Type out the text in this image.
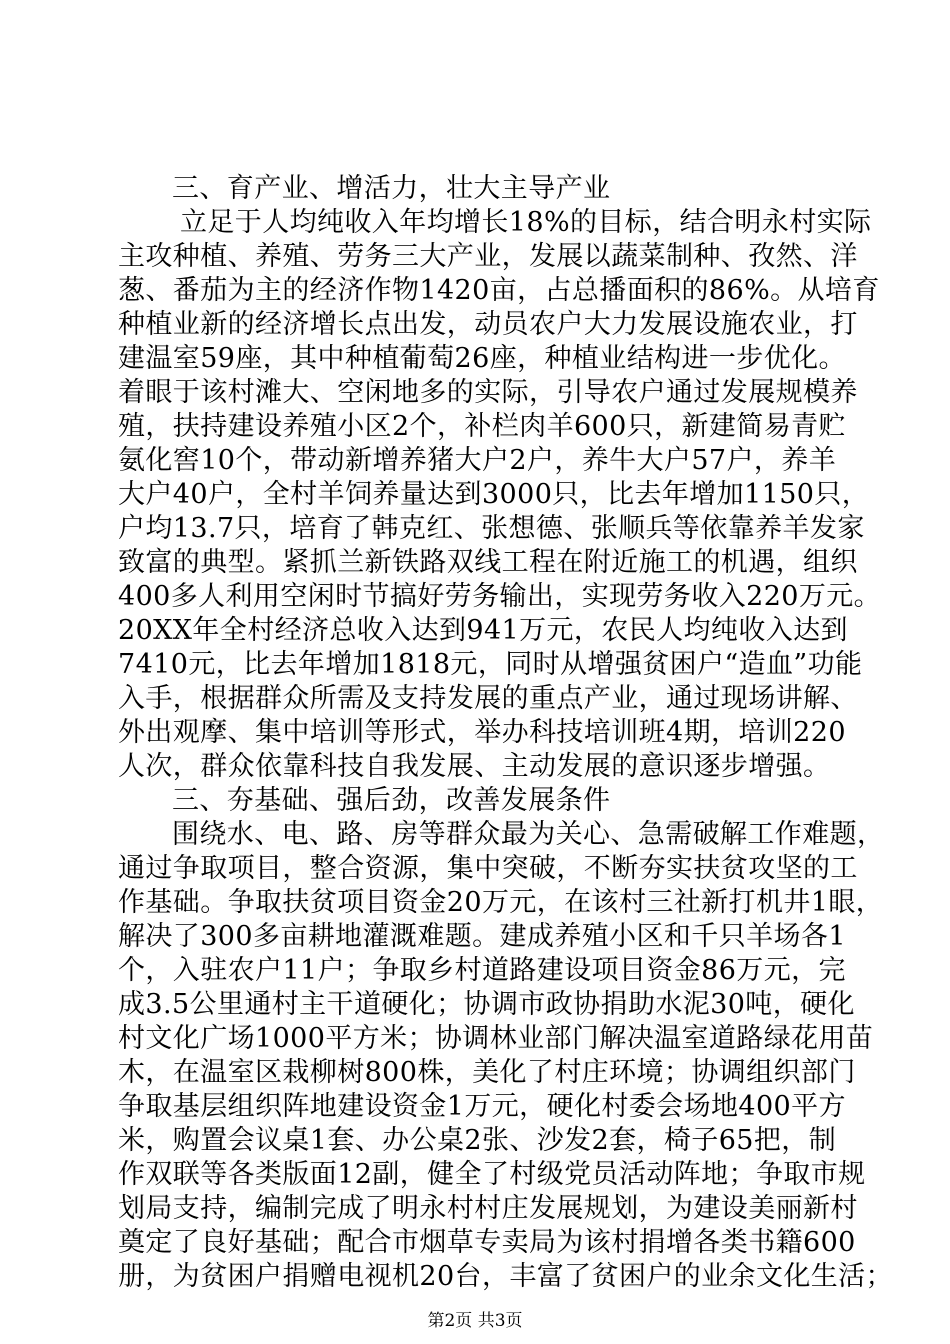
三、育产业、增活力，壮大主导产业
立足于人均纯收入年均增长18%的目标，结合明永村实际
主攻种植、养殖、劳务三大产业，发展以蔬菜制种、孜然、洋
葱、番茄为主的经济作物1420亩，占总播面积的86%。从培育
种植业新的经济增长点出发，动员农户大力发展设施农业，打
建温室59座，其中种植葡萄26座，种植业结构进一步优化。
着眼于该村滩大、空闲地多的实际，引导农户通过发展规模养
殖，扶持建设养殖小区2个，补栏肉羊600只，新建简易青贮
氨化窖10个，带动新增养猪大户2户，养牛大户57户，养羊
大户40户，全村羊饲养量达到3000只，比去年增加1150只，
户均13.7只，培育了韩克红、张想德、张顺兵等依靠养羊发家
致富的典型。紧抓兰新铁路双线工程在附近施工的机遇，组织
400多人利用空闲时节搞好劳务输出，实现劳务收入220万元。
20XX年全村经济总收入达到941万元，农民人均纯收入达到
7410元，比去年增加1818元，同时从增强贫困户“造血”功能
入手，根据群众所需及支持发展的重点产业，通过现场讲解、
外出观摩、集中培训等形式，举办科技培训班4期，培训220
人次，群众依靠科技自我发展、主动发展的意识逐步增强。
三、夯基础、强后劲，改善发展条件
围绕水、电、路、房等群众最为关心、急需破解工作难题，
通过争取项目，整合资源，集中突破，不断夯实扶贫攻坚的工
作基础。争取扶贫项目资金20万元，在该村三社新打机井1眼，
解决了300多亩耕地灌溉难题。建成养殖小区和千只羊场各1
个，入驻农户11户；争取乡村道路建设项目资金86万元，完
成3.5公里通村主干道硬化；协调市政协捐助水泥30吨，硬化
村文化广场1000平方米；协调林业部门解决温室道路绿花用苗
木，在温室区栽柳树800株，美化了村庄环境；协调组织部门
争取基层组织阵地建设资金1万元，硬化村委会场地400平方
米，购置会议桌1套、办公桌2张、沙发2套，椅子65把，制
作双联等各类版面12副，健全了村级党员活动阵地；争取市规
划局支持，编制完成了明永村村庄发展规划，为建设美丽新村
奠定了良好基础；配合市烟草专卖局为该村捐增各类书籍600
册，为贫困户捐赠电视机20台，丰富了贫困户的业余文化生活；
第2页 共3页
